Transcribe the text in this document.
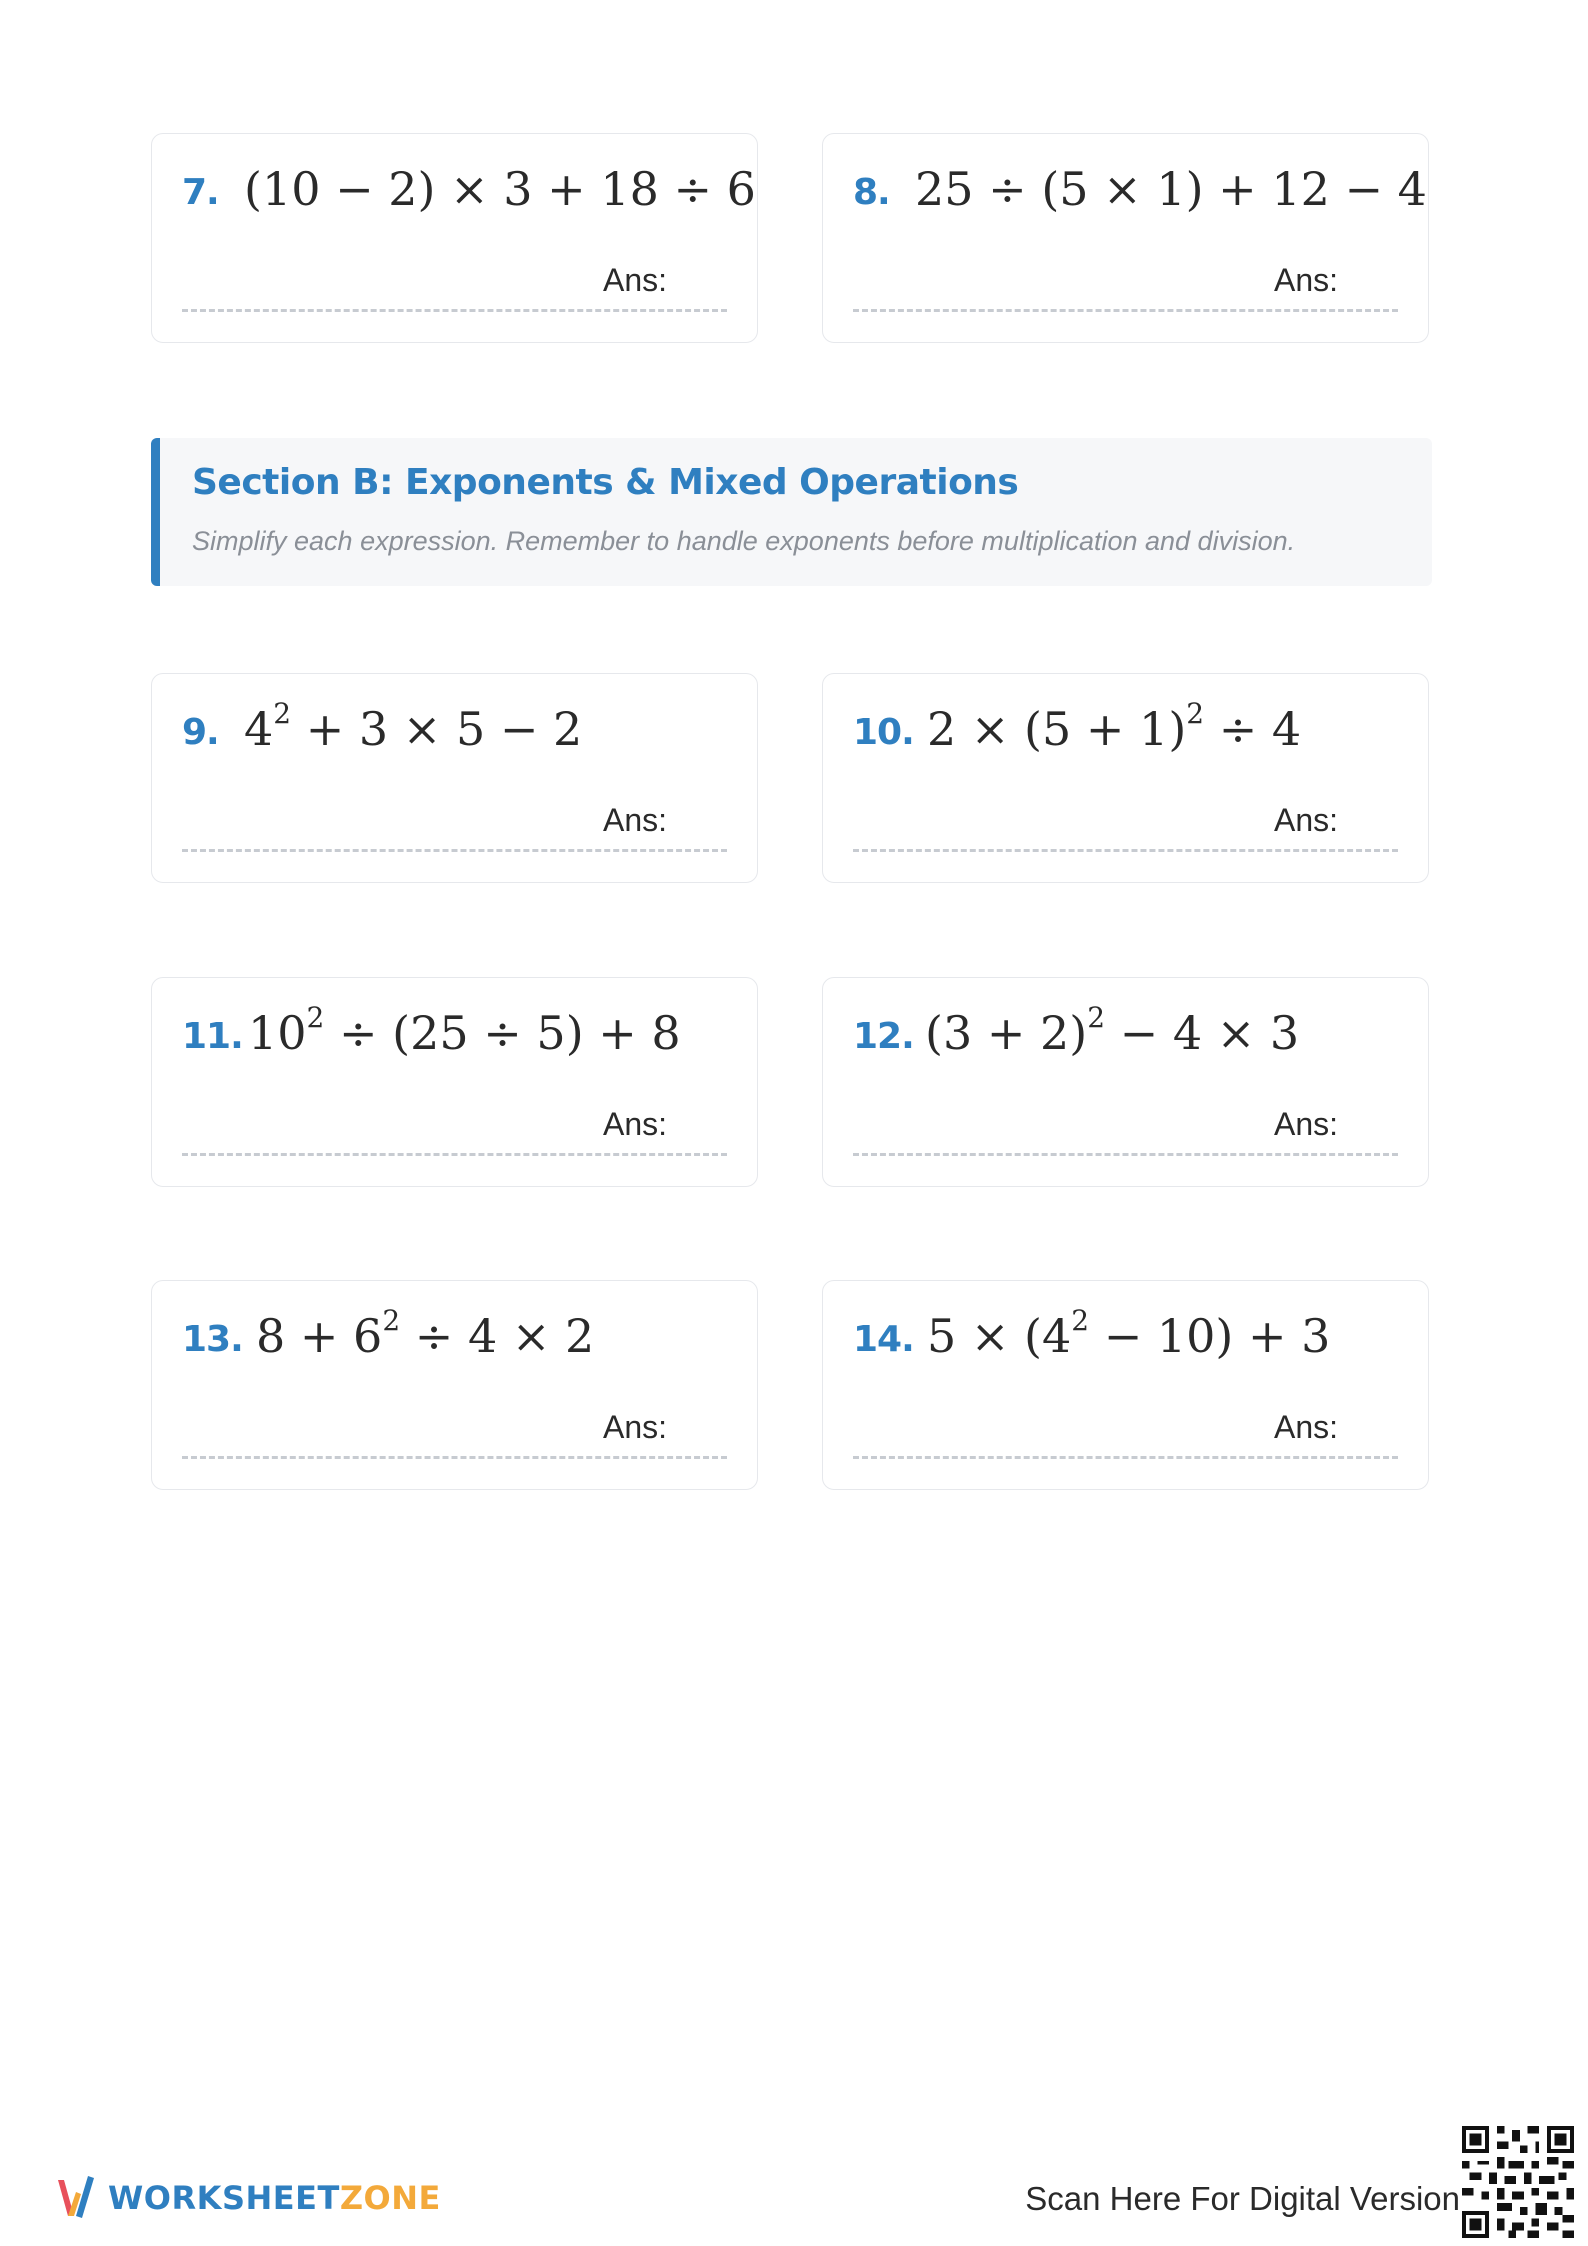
7. (10 − 2) × 3 + 18 ÷ 6
Ans:
8. 25 ÷ (5 × 1) + 12 − 4
Ans:
Section B: Exponents & Mixed Operations
Simplify each expression. Remember to handle exponents before multiplication and division.
9. $4^2 + 3 \times 5 - 2$
Ans:
10. $2 \times (5 + 1)^2 \div 4$
Ans:
11. $10^2 \div (25 \div 5) + 8$
Ans:
12. $(3 + 2)^2 - 4 \times 3$
Ans:
13. $8 + 6^2 \div 4 \times 2$
Ans:
14. $5 \times (4^2 - 10) + 3$
Ans:
WORKSHEETZONE	Scan Here For Digital Version
